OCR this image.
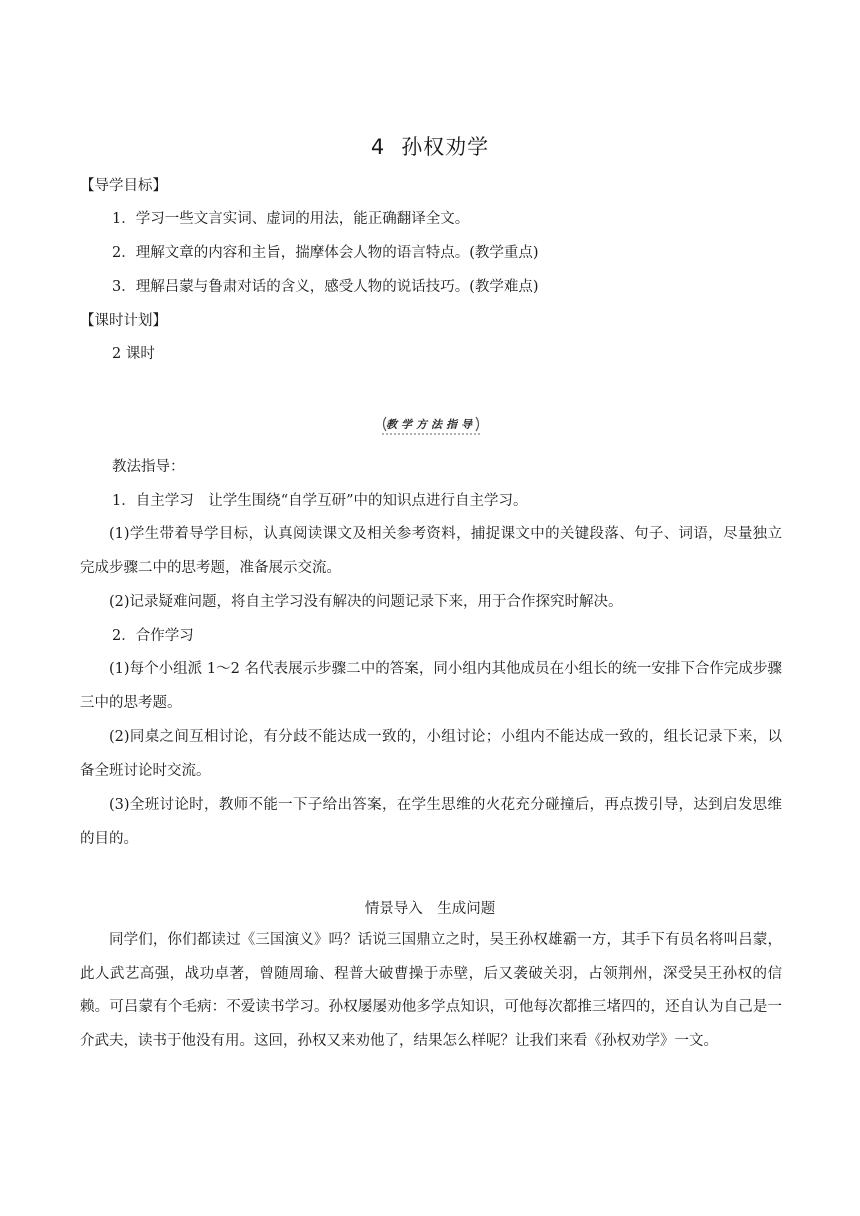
4 孙权劝学
【导学目标】
1．学习一些文言实词、虚词的用法，能正确翻译全文。
2．理解文章的内容和主旨，揣摩体会人物的语言特点。(教学重点)
3．理解吕蒙与鲁肃对话的含义，感受人物的说话技巧。(教学难点)
【课时计划】
2 课时
教学方法指导
教法指导：
1．自主学习　让学生围绕“自学互研”中的知识点进行自主学习。
(1)学生带着导学目标，认真阅读课文及相关参考资料，捕捉课文中的关键段落、句子、词语，尽量独立完成步骤二中的思考题，准备展示交流。
(2)记录疑难问题，将自主学习没有解决的问题记录下来，用于合作探究时解决。
2．合作学习
(1)每个小组派 1～2 名代表展示步骤二中的答案，同小组内其他成员在小组长的统一安排下合作完成步骤三中的思考题。
(2)同桌之间互相讨论，有分歧不能达成一致的，小组讨论；小组内不能达成一致的，组长记录下来，以备全班讨论时交流。
(3)全班讨论时，教师不能一下子给出答案，在学生思维的火花充分碰撞后，再点拨引导，达到启发思维的目的。
情景导入　生成问题
同学们，你们都读过《三国演义》吗？话说三国鼎立之时，吴王孙权雄霸一方，其手下有员名将叫吕蒙，此人武艺高强，战功卓著，曾随周瑜、程普大破曹操于赤壁，后又袭破关羽，占领荆州，深受吴王孙权的信赖。可吕蒙有个毛病：不爱读书学习。孙权屡屡劝他多学点知识，可他每次都推三堵四的，还自认为自己是一介武夫，读书于他没有用。这回，孙权又来劝他了，结果怎么样呢？让我们来看《孙权劝学》一文。
